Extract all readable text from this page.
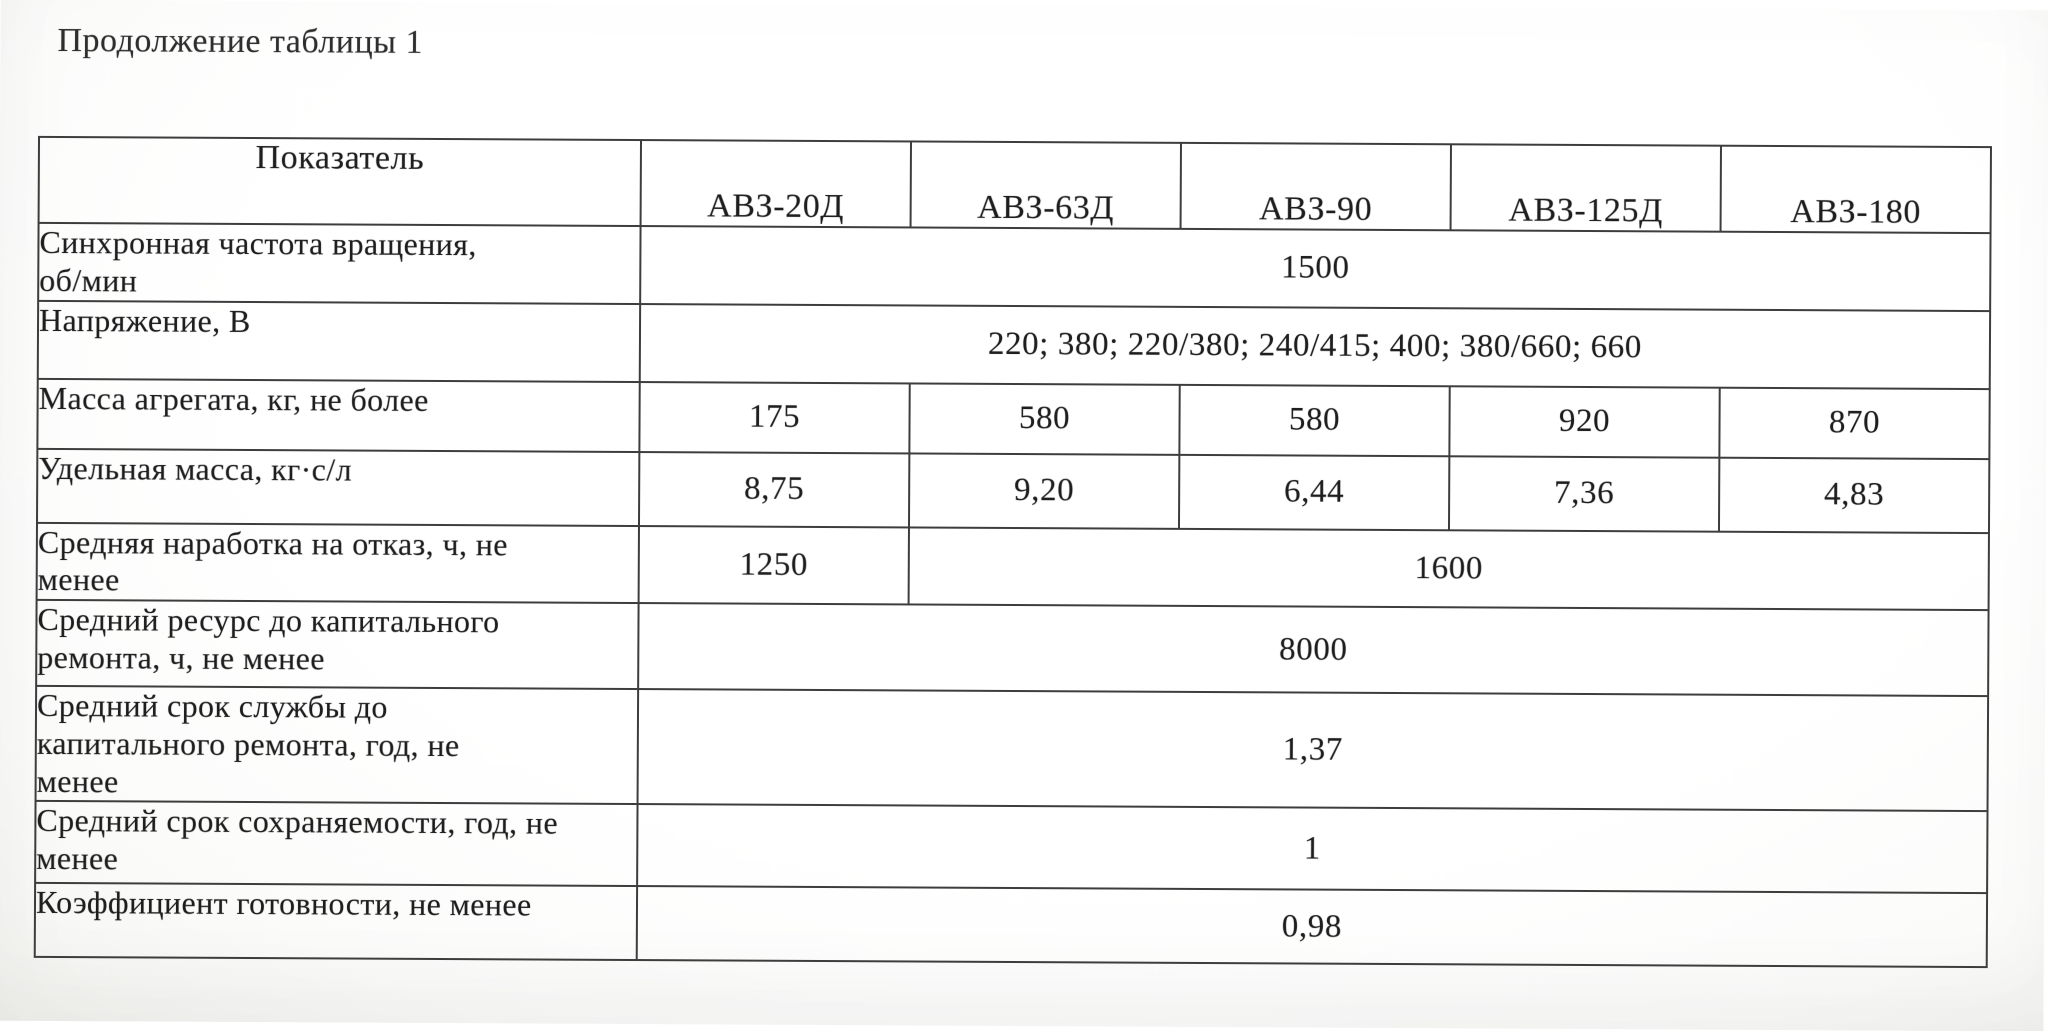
Продолжение таблицы 1
Показатель	АВЗ-20Д	АВЗ-63Д	АВЗ-90	АВЗ-125Д	АВЗ-180
Синхронная частота вращения,
об/мин	1500				
Напряжение, В	220; 380; 220/380; 240/415; 400; 380/660; 660				
Масса агрегата, кг, не более	175	580	580	920	870
Удельная масса, кг·с/л	8,75	9,20	6,44	7,36	4,83
Средняя наработка на отказ, ч, не
менее	1250	1600			
Средний ресурс до капитального
ремонта, ч, не менее	8000				
Средний срок службы до
капитального ремонта, год, не
менее	1,37				
Средний срок сохраняемости, год, не
менее	1				
Коэффициент готовности, не менее	0,98				
